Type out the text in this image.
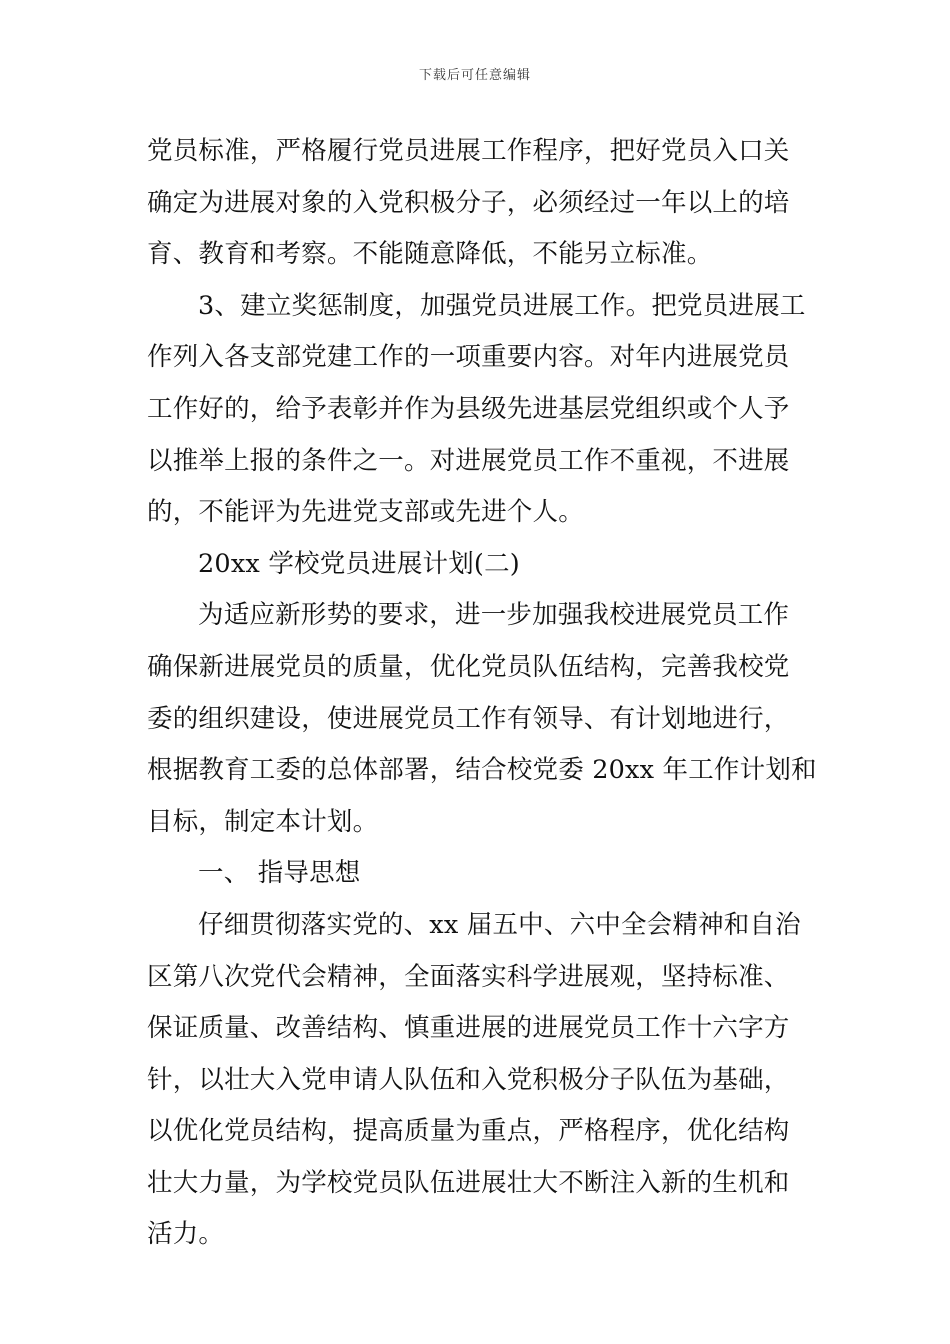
下载后可任意编辑
党员标准，严格履行党员进展工作程序，把好党员入口关
确定为进展对象的入党积极分子，必须经过一年以上的培
育、教育和考察。不能随意降低，不能另立标准。
3、建立奖惩制度，加强党员进展工作。把党员进展工
作列入各支部党建工作的一项重要内容。对年内进展党员
工作好的，给予表彰并作为县级先进基层党组织或个人予
以推举上报的条件之一。对进展党员工作不重视，不进展
的，不能评为先进党支部或先进个人。
20xx 学校党员进展计划(二)
为适应新形势的要求，进一步加强我校进展党员工作
确保新进展党员的质量，优化党员队伍结构，完善我校党
委的组织建设，使进展党员工作有领导、有计划地进行，
根据教育工委的总体部署，结合校党委 20xx 年工作计划和
目标，制定本计划。
一、 指导思想
仔细贯彻落实党的、xx 届五中、六中全会精神和自治
区第八次党代会精神，全面落实科学进展观，坚持标准、
保证质量、改善结构、慎重进展的进展党员工作十六字方
针，以壮大入党申请人队伍和入党积极分子队伍为基础，
以优化党员结构，提高质量为重点，严格程序，优化结构
壮大力量，为学校党员队伍进展壮大不断注入新的生机和
活力。
